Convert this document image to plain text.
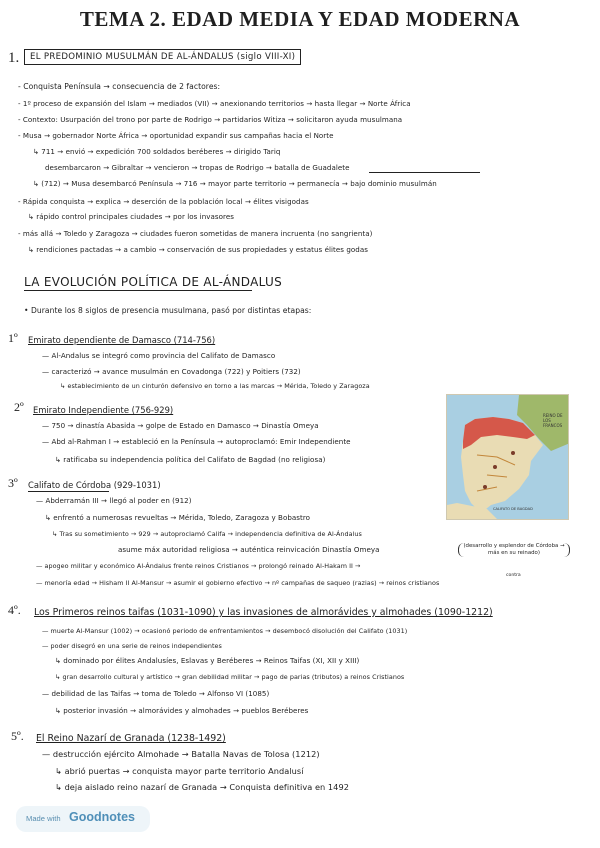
TEMA 2. EDAD MEDIA Y EDAD MODERNA
1.	EL PREDOMINIO MUSULMÁN DE AL-ÁNDALUS (siglo VIII-XI)
- Conquista Península → consecuencia de 2 factores:
- 1º proceso de expansión del Islam → mediados (VII) → anexionando territorios → hasta llegar → Norte África
- Contexto: Usurpación del trono por parte de Rodrigo → partidarios Witiza → solicitaron ayuda musulmana
- Musa → gobernador Norte África → oportunidad expandir sus campañas hacia el Norte
↳ 711 → envió → expedición 700 soldados beréberes → dirigido Tariq
desembarcaron → Gibraltar → vencieron → tropas de Rodrigo → batalla de Guadalete
↳ (712) → Musa desembarcó Península → 716 → mayor parte territorio → permanecía → bajo dominio musulmán
- Rápida conquista → explica → deserción de la población local → élites visigodas
↳ rápido control principales ciudades → por los invasores
- más allá → Toledo y Zaragoza → ciudades fueron sometidas de manera incruenta (no sangrienta)
↳ rendiciones pactadas → a cambio → conservación de sus propiedades y estatus élites godas
LA EVOLUCIÓN POLÍTICA DE AL-ÁNDALUS
• Durante los 8 siglos de presencia musulmana, pasó por distintas etapas:
1º Emirato dependiente de Damasco (714-756)
— Al-Andalus se integró como provincia del Califato de Damasco
— caracterizó → avance musulmán en Covadonga (722) y Poitiers (732)
↳ establecimiento de un cinturón defensivo en torno a las marcas → Mérida, Toledo y Zaragoza
2º Emirato Independiente (756-929)
— 750 → dinastía Abasida → golpe de Estado en Damasco → Dinastía Omeya
— Abd al-Rahman I → estableció en la Península → autoproclamó: Emir Independiente
↳ ratificaba su independencia política del Califato de Bagdad (no religiosa)
REINO DE LOS FRANCOS
CALIFATO DE BAGDAD
3º Califato de Córdoba (929-1031)
— Abderramán III → llegó al poder en (912)
↳ enfrentó a numerosas revueltas → Mérida, Toledo, Zaragoza y Bobastro
↳ Tras su sometimiento → 929 → autoproclamó Califa → independencia definitiva de Al-Ándalus
asume máx autoridad religiosa → auténtica reinvicación Dinastía Omeya
— apogeo militar y económico Al-Ándalus frente reinos Cristianos → prolongó reinado Al-Hakam II →
— menoría edad → Hisham II Al-Mansur → asumir el gobierno efectivo → nº campañas de saqueo (razias) → reinos cristianos
(desarrollo y esplendor de Córdoba → más en su reinado)
contra
4º. Los Primeros reinos taifas (1031-1090) y las invasiones de almorávides y almohades (1090-1212)
— muerte Al-Mansur (1002) → ocasionó periodo de enfrentamientos → desembocó disolución del Califato (1031)
— poder disegró en una serie de reinos independientes
↳ dominado por élites Andalusíes, Eslavas y Beréberes → Reinos Taifas (XI, XII y XIII)
↳ gran desarrollo cultural y artístico → gran debilidad militar → pago de parias (tributos) a reinos Cristianos
— debilidad de las Taifas → toma de Toledo → Alfonso VI (1085)
↳ posterior invasión → almorávides y almohades → pueblos Beréberes
5º. El Reino Nazarí de Granada (1238-1492)
— destrucción ejército Almohade → Batalla Navas de Tolosa (1212)
↳ abrió puertas → conquista mayor parte territorio Andalusí
↳ deja aislado reino nazarí de Granada → Conquista definitiva en 1492
Made with Goodnotes
